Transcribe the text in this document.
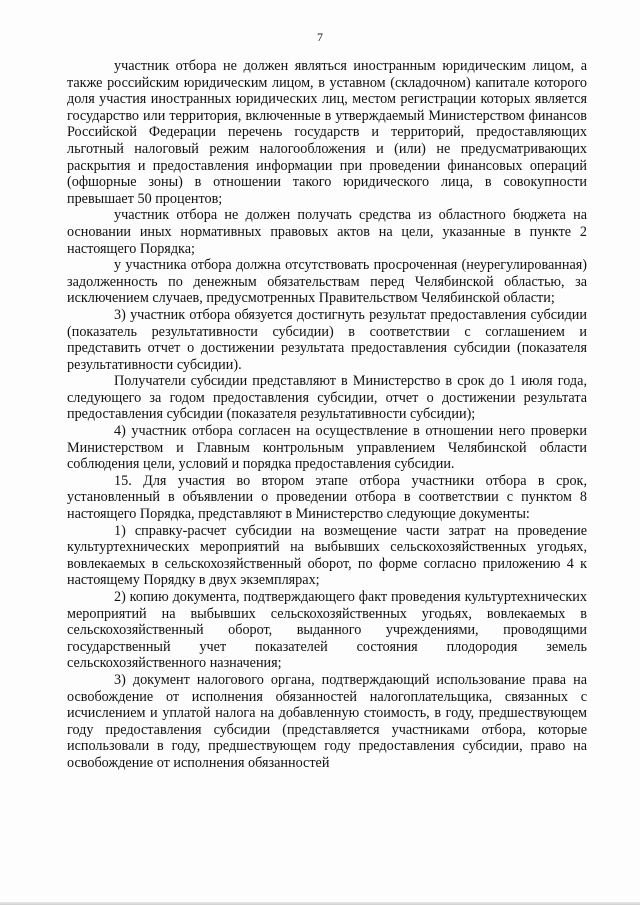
7

участник отбора не должен являться иностранным юридическим лицом, а также российским юридическим лицом, в уставном (складочном) капитале которого доля участия иностранных юридических лиц, местом регистрации которых является государство или территория, включенные в утверждаемый Министерством финансов Российской Федерации перечень государств и территорий, предоставляющих льготный налоговый режим налогообложения и (или) не предусматривающих раскрытия и предоставления информации при проведении финансовых операций (офшорные зоны) в отношении такого юридического лица, в совокупности превышает 50 процентов;

участник отбора не должен получать средства из областного бюджета на основании иных нормативных правовых актов на цели, указанные в пункте 2 настоящего Порядка;

у участника отбора должна отсутствовать просроченная (неурегулированная) задолженность по денежным обязательствам перед Челябинской областью, за исключением случаев, предусмотренных Правительством Челябинской области;

3) участник отбора обязуется достигнуть результат предоставления субсидии (показатель результативности субсидии) в соответствии с соглашением и представить отчет о достижении результата предоставления субсидии (показателя результативности субсидии).

Получатели субсидии представляют в Министерство в срок до 1 июля года, следующего за годом предоставления субсидии, отчет о достижении результата предоставления субсидии (показателя результативности субсидии);

4) участник отбора согласен на осуществление в отношении него проверки Министерством и Главным контрольным управлением Челябинской области соблюдения цели, условий и порядка предоставления субсидии.

15. Для участия во втором этапе отбора участники отбора в срок, установленный в объявлении о проведении отбора в соответствии с пунктом 8 настоящего Порядка, представляют в Министерство следующие документы:

1) справку-расчет субсидии на возмещение части затрат на проведение культуртехнических мероприятий на выбывших сельскохозяйственных угодьях, вовлекаемых в сельскохозяйственный оборот, по форме согласно приложению 4 к настоящему Порядку в двух экземплярах;

2) копию документа, подтверждающего факт проведения культуртехнических мероприятий на выбывших сельскохозяйственных угодьях, вовлекаемых в сельскохозяйственный оборот, выданного учреждениями, проводящими государственный учет показателей состояния плодородия земель сельскохозяйственного назначения;

3) документ налогового органа, подтверждающий использование права на освобождение от исполнения обязанностей налогоплательщика, связанных с исчислением и уплатой налога на добавленную стоимость, в году, предшествующем году предоставления субсидии (представляется участниками отбора, которые использовали в году, предшествующем году предоставления субсидии, право на освобождение от исполнения обязанностей
